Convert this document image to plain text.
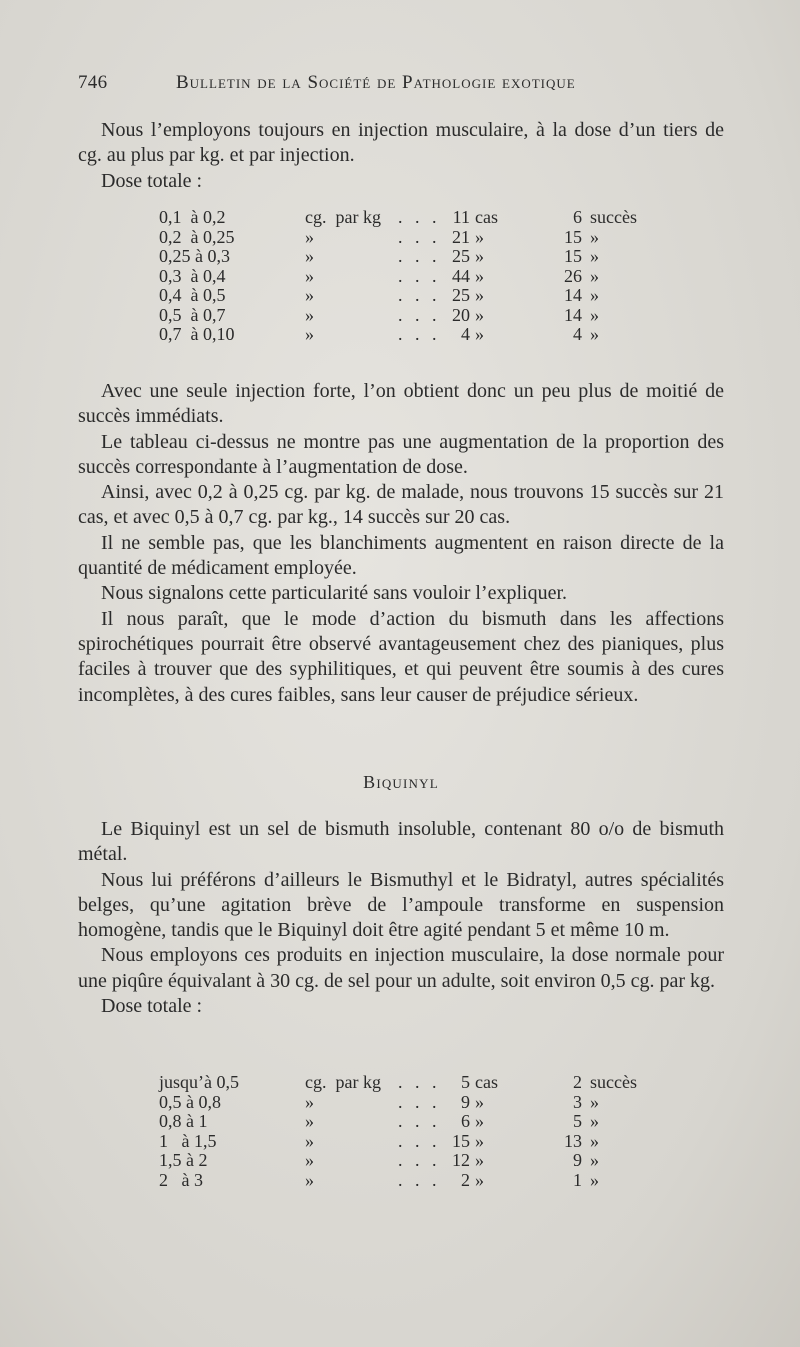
746	Bulletin de la Société de Pathologie exotique

Nous l’employons toujours en injection musculaire, à la dose d’un tiers de cg. au plus par kg. et par injection.

Dose totale :

0,1  à 0,2	cg.  par kg . . . 11 cas	6 succès
0,2  à 0,25	»	. . . 21 »	15 »
0,25 à 0,3	»	. . . 25 »	15 »
0,3  à 0,4	»	. . . 44 »	26 »
0,4  à 0,5	»	. . . 25 »	14 »
0,5  à 0,7	»	. . . 20 »	14 »
0,7  à 0,10	»	. . . 4 »	4 »

Avec une seule injection forte, l’on obtient donc un peu plus de moitié de succès immédiats.

Le tableau ci-dessus ne montre pas une augmentation de la proportion des succès correspondante à l’augmentation de dose.

Ainsi, avec 0,2 à 0,25 cg. par kg. de malade, nous trouvons 15 succès sur 21 cas, et avec 0,5 à 0,7 cg. par kg., 14 succès sur 20 cas.

Il ne semble pas, que les blanchiments augmentent en raison directe de la quantité de médicament employée.

Nous signalons cette particularité sans vouloir l’expliquer.

Il nous paraît, que le mode d’action du bismuth dans les affections spirochétiques pourrait être observé avantageusement chez des pianiques, plus faciles à trouver que des syphilitiques, et qui peuvent être soumis à des cures incomplètes, à des cures faibles, sans leur causer de préjudice sérieux.

Biquinyl

Le Biquinyl est un sel de bismuth insoluble, contenant 80 o/o de bismuth métal.

Nous lui préférons d’ailleurs le Bismuthyl et le Bidratyl, autres spécialités belges, qu’une agitation brève de l’ampoule transforme en suspension homogène, tandis que le Biquinyl doit être agité pendant 5 et même 10 m.

Nous employons ces produits en injection musculaire, la dose normale pour une piqûre équivalant à 30 cg. de sel pour un adulte, soit environ 0,5 cg. par kg.

Dose totale :

jusqu’à 0,5	cg.  par kg . . . 5 cas	2 succès
0,5 à 0,8	»	. . . 9 »	3 »
0,8 à 1	»	. . . 6 »	5 »
1   à 1,5	»	. . . 15 »	13 »
1,5 à 2	»	. . . 12 »	9 »
2   à 3	»	. . . 2 »	1 »
